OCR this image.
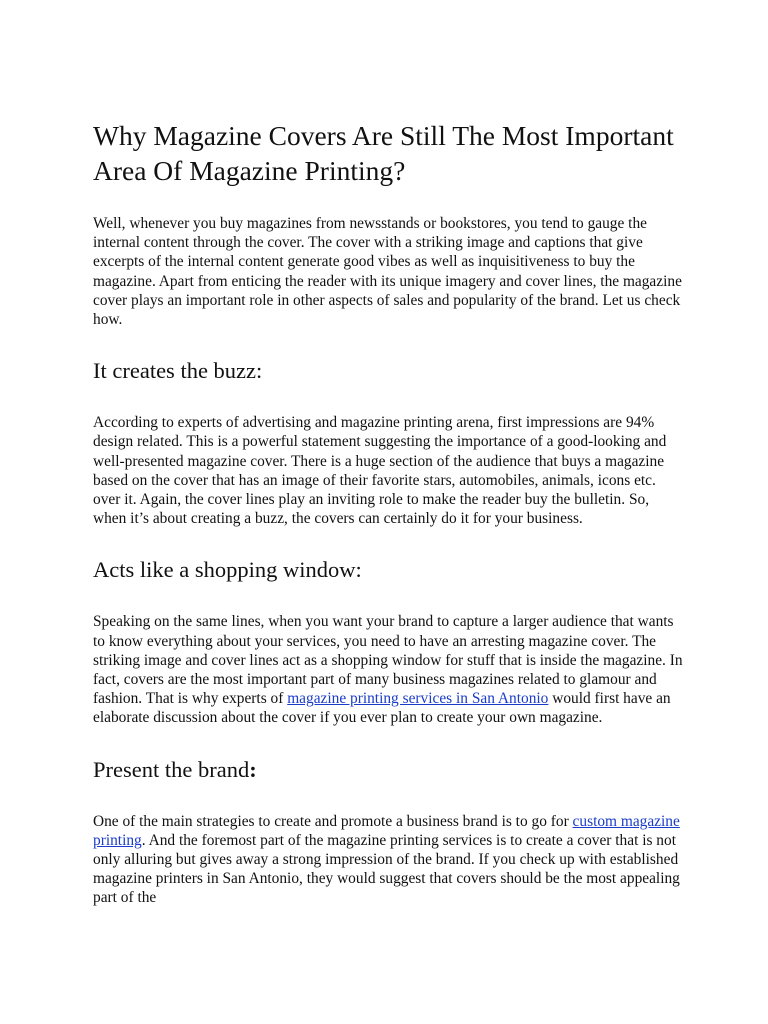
Why Magazine Covers Are Still The Most Important Area Of Magazine Printing?

Well, whenever you buy magazines from newsstands or bookstores, you tend to gauge the internal content through the cover. The cover with a striking image and captions that give excerpts of the internal content generate good vibes as well as inquisitiveness to buy the magazine. Apart from enticing the reader with its unique imagery and cover lines, the magazine cover plays an important role in other aspects of sales and popularity of the brand. Let us check how.

It creates the buzz:

According to experts of advertising and magazine printing arena, first impressions are 94% design related. This is a powerful statement suggesting the importance of a good-looking and well-presented magazine cover. There is a huge section of the audience that buys a magazine based on the cover that has an image of their favorite stars, automobiles, animals, icons etc. over it. Again, the cover lines play an inviting role to make the reader buy the bulletin. So, when it’s about creating a buzz, the covers can certainly do it for your business.

Acts like a shopping window:

Speaking on the same lines, when you want your brand to capture a larger audience that wants to know everything about your services, you need to have an arresting magazine cover. The striking image and cover lines act as a shopping window for stuff that is inside the magazine. In fact, covers are the most important part of many business magazines related to glamour and fashion. That is why experts of magazine printing services in San Antonio would first have an elaborate discussion about the cover if you ever plan to create your own magazine.

Present the brand:

One of the main strategies to create and promote a business brand is to go for custom magazine printing. And the foremost part of the magazine printing services is to create a cover that is not only alluring but gives away a strong impression of the brand. If you check up with established magazine printers in San Antonio, they would suggest that covers should be the most appealing part of the
